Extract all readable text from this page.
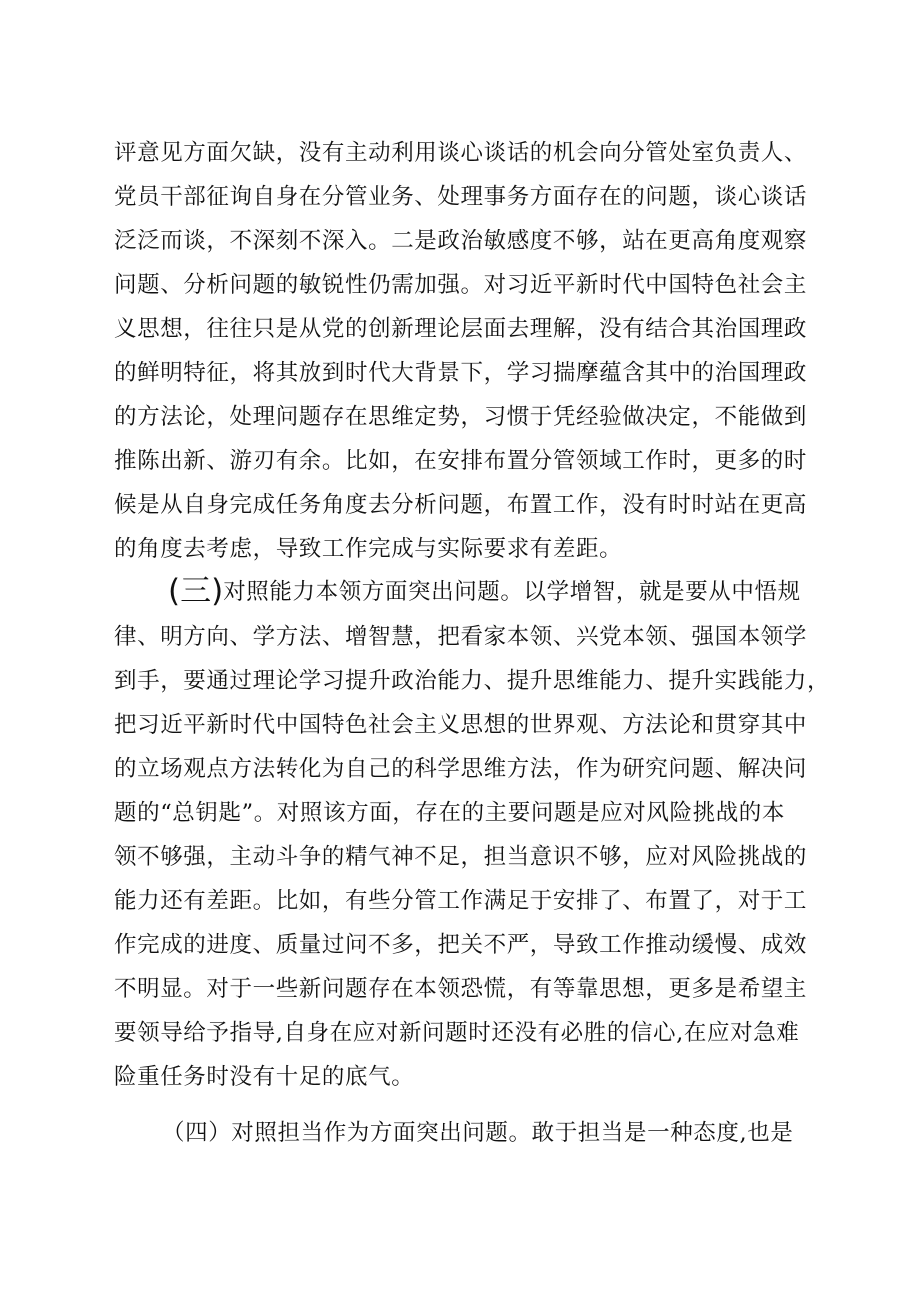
评意见方面欠缺，没有主动利用谈心谈话的机会向分管处室负责人、
党员干部征询自身在分管业务、处理事务方面存在的问题，谈心谈话
泛泛而谈，不深刻不深入。二是政治敏感度不够，站在更高角度观察
问题、分析问题的敏锐性仍需加强。对习近平新时代中国特色社会主
义思想，往往只是从党的创新理论层面去理解，没有结合其治国理政
的鲜明特征，将其放到时代大背景下，学习揣摩蕴含其中的治国理政
的方法论，处理问题存在思维定势，习惯于凭经验做决定，不能做到
推陈出新、游刃有余。比如，在安排布置分管领域工作时，更多的时
候是从自身完成任务角度去分析问题，布置工作，没有时时站在更高
的角度去考虑，导致工作完成与实际要求有差距。
(三)对照能力本领方面突出问题。以学增智，就是要从中悟规
律、明方向、学方法、增智慧，把看家本领、兴党本领、强国本领学
到手，要通过理论学习提升政治能力、提升思维能力、提升实践能力，
把习近平新时代中国特色社会主义思想的世界观、方法论和贯穿其中
的立场观点方法转化为自己的科学思维方法，作为研究问题、解决问
题的“总钥匙”。对照该方面，存在的主要问题是应对风险挑战的本
领不够强，主动斗争的精气神不足，担当意识不够，应对风险挑战的
能力还有差距。比如，有些分管工作满足于安排了、布置了，对于工
作完成的进度、质量过问不多，把关不严，导致工作推动缓慢、成效
不明显。对于一些新问题存在本领恐慌，有等靠思想，更多是希望主
要领导给予指导,自身在应对新问题时还没有必胜的信心,在应对急难
险重任务时没有十足的底气。
（四）对照担当作为方面突出问题。敢于担当是一种态度,也是
